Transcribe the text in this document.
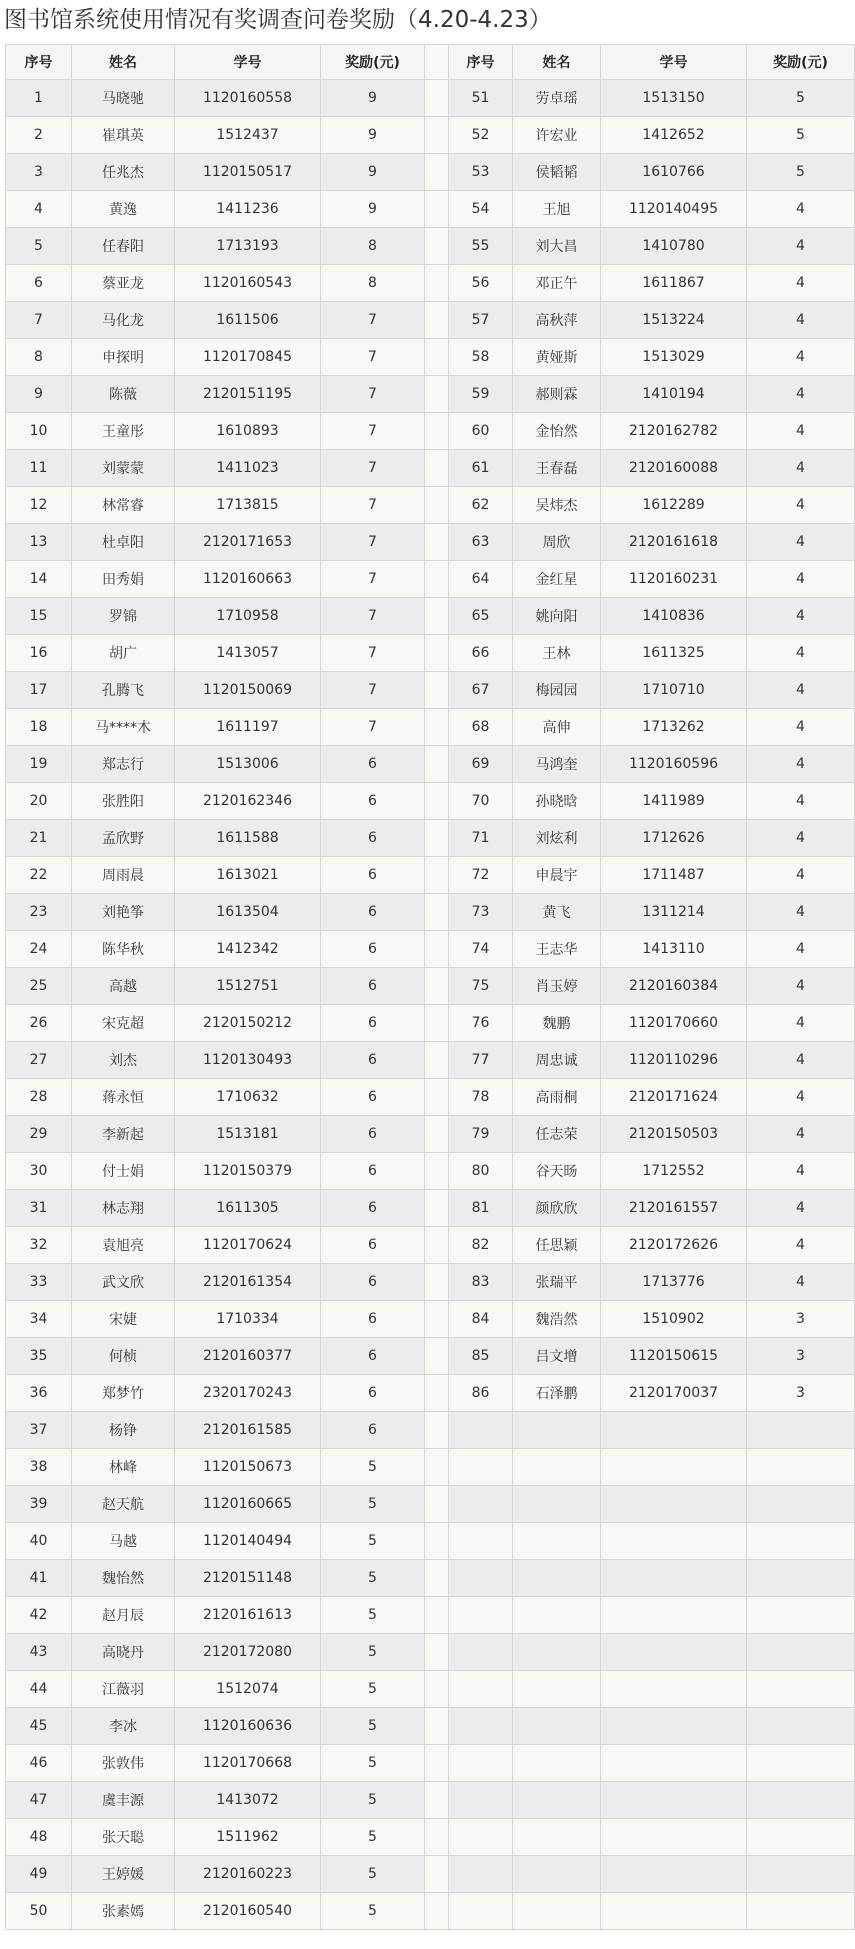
图书馆系统使用情况有奖调查问卷奖励（4.20-4.23）
序号	姓名	学号	奖励(元)		序号	姓名	学号	奖励(元)
1	马晓驰	1120160558	9		51	劳卓瑶	1513150	5
2	崔琪英	1512437	9		52	许宏业	1412652	5
3	任兆杰	1120150517	9		53	侯韬韬	1610766	5
4	黄逸	1411236	9		54	王旭	1120140495	4
5	任春阳	1713193	8		55	刘大昌	1410780	4
6	蔡亚龙	1120160543	8		56	邓正午	1611867	4
7	马化龙	1611506	7		57	高秋萍	1513224	4
8	申探明	1120170845	7		58	黄娅斯	1513029	4
9	陈薇	2120151195	7		59	郝则霖	1410194	4
10	王童彤	1610893	7		60	金怡然	2120162782	4
11	刘蒙蒙	1411023	7		61	王春磊	2120160088	4
12	林常睿	1713815	7		62	吴炜杰	1612289	4
13	杜卓阳	2120171653	7		63	周欣	2120161618	4
14	田秀娟	1120160663	7		64	金红星	1120160231	4
15	罗锦	1710958	7		65	姚向阳	1410836	4
16	胡广	1413057	7		66	王林	1611325	4
17	孔腾飞	1120150069	7		67	梅园园	1710710	4
18	马****木	1611197	7		68	高伸	1713262	4
19	郑志行	1513006	6		69	马鸿奎	1120160596	4
20	张胜阳	2120162346	6		70	孙晓晗	1411989	4
21	孟欣野	1611588	6		71	刘炫利	1712626	4
22	周雨晨	1613021	6		72	申晨宇	1711487	4
23	刘艳筝	1613504	6		73	黄飞	1311214	4
24	陈华秋	1412342	6		74	王志华	1413110	4
25	高越	1512751	6		75	肖玉婷	2120160384	4
26	宋克超	2120150212	6		76	魏鹏	1120170660	4
27	刘杰	1120130493	6		77	周忠诚	1120110296	4
28	蒋永恒	1710632	6		78	高雨桐	2120171624	4
29	李新起	1513181	6		79	任志荣	2120150503	4
30	付士娟	1120150379	6		80	谷天旸	1712552	4
31	林志翔	1611305	6		81	颜欣欣	2120161557	4
32	袁旭亮	1120170624	6		82	任思颖	2120172626	4
33	武文欣	2120161354	6		83	张瑞平	1713776	4
34	宋婕	1710334	6		84	魏浩然	1510902	3
35	何桢	2120160377	6		85	吕文增	1120150615	3
36	郑梦竹	2320170243	6		86	石泽鹏	2120170037	3
37	杨铮	2120161585	6					
38	林峰	1120150673	5					
39	赵天航	1120160665	5					
40	马越	1120140494	5					
41	魏怡然	2120151148	5					
42	赵月辰	2120161613	5					
43	高晓丹	2120172080	5					
44	江薇羽	1512074	5					
45	李冰	1120160636	5					
46	张敦伟	1120170668	5					
47	虞丰源	1413072	5					
48	张天聪	1511962	5					
49	王婷媛	2120160223	5					
50	张素嫣	2120160540	5					
